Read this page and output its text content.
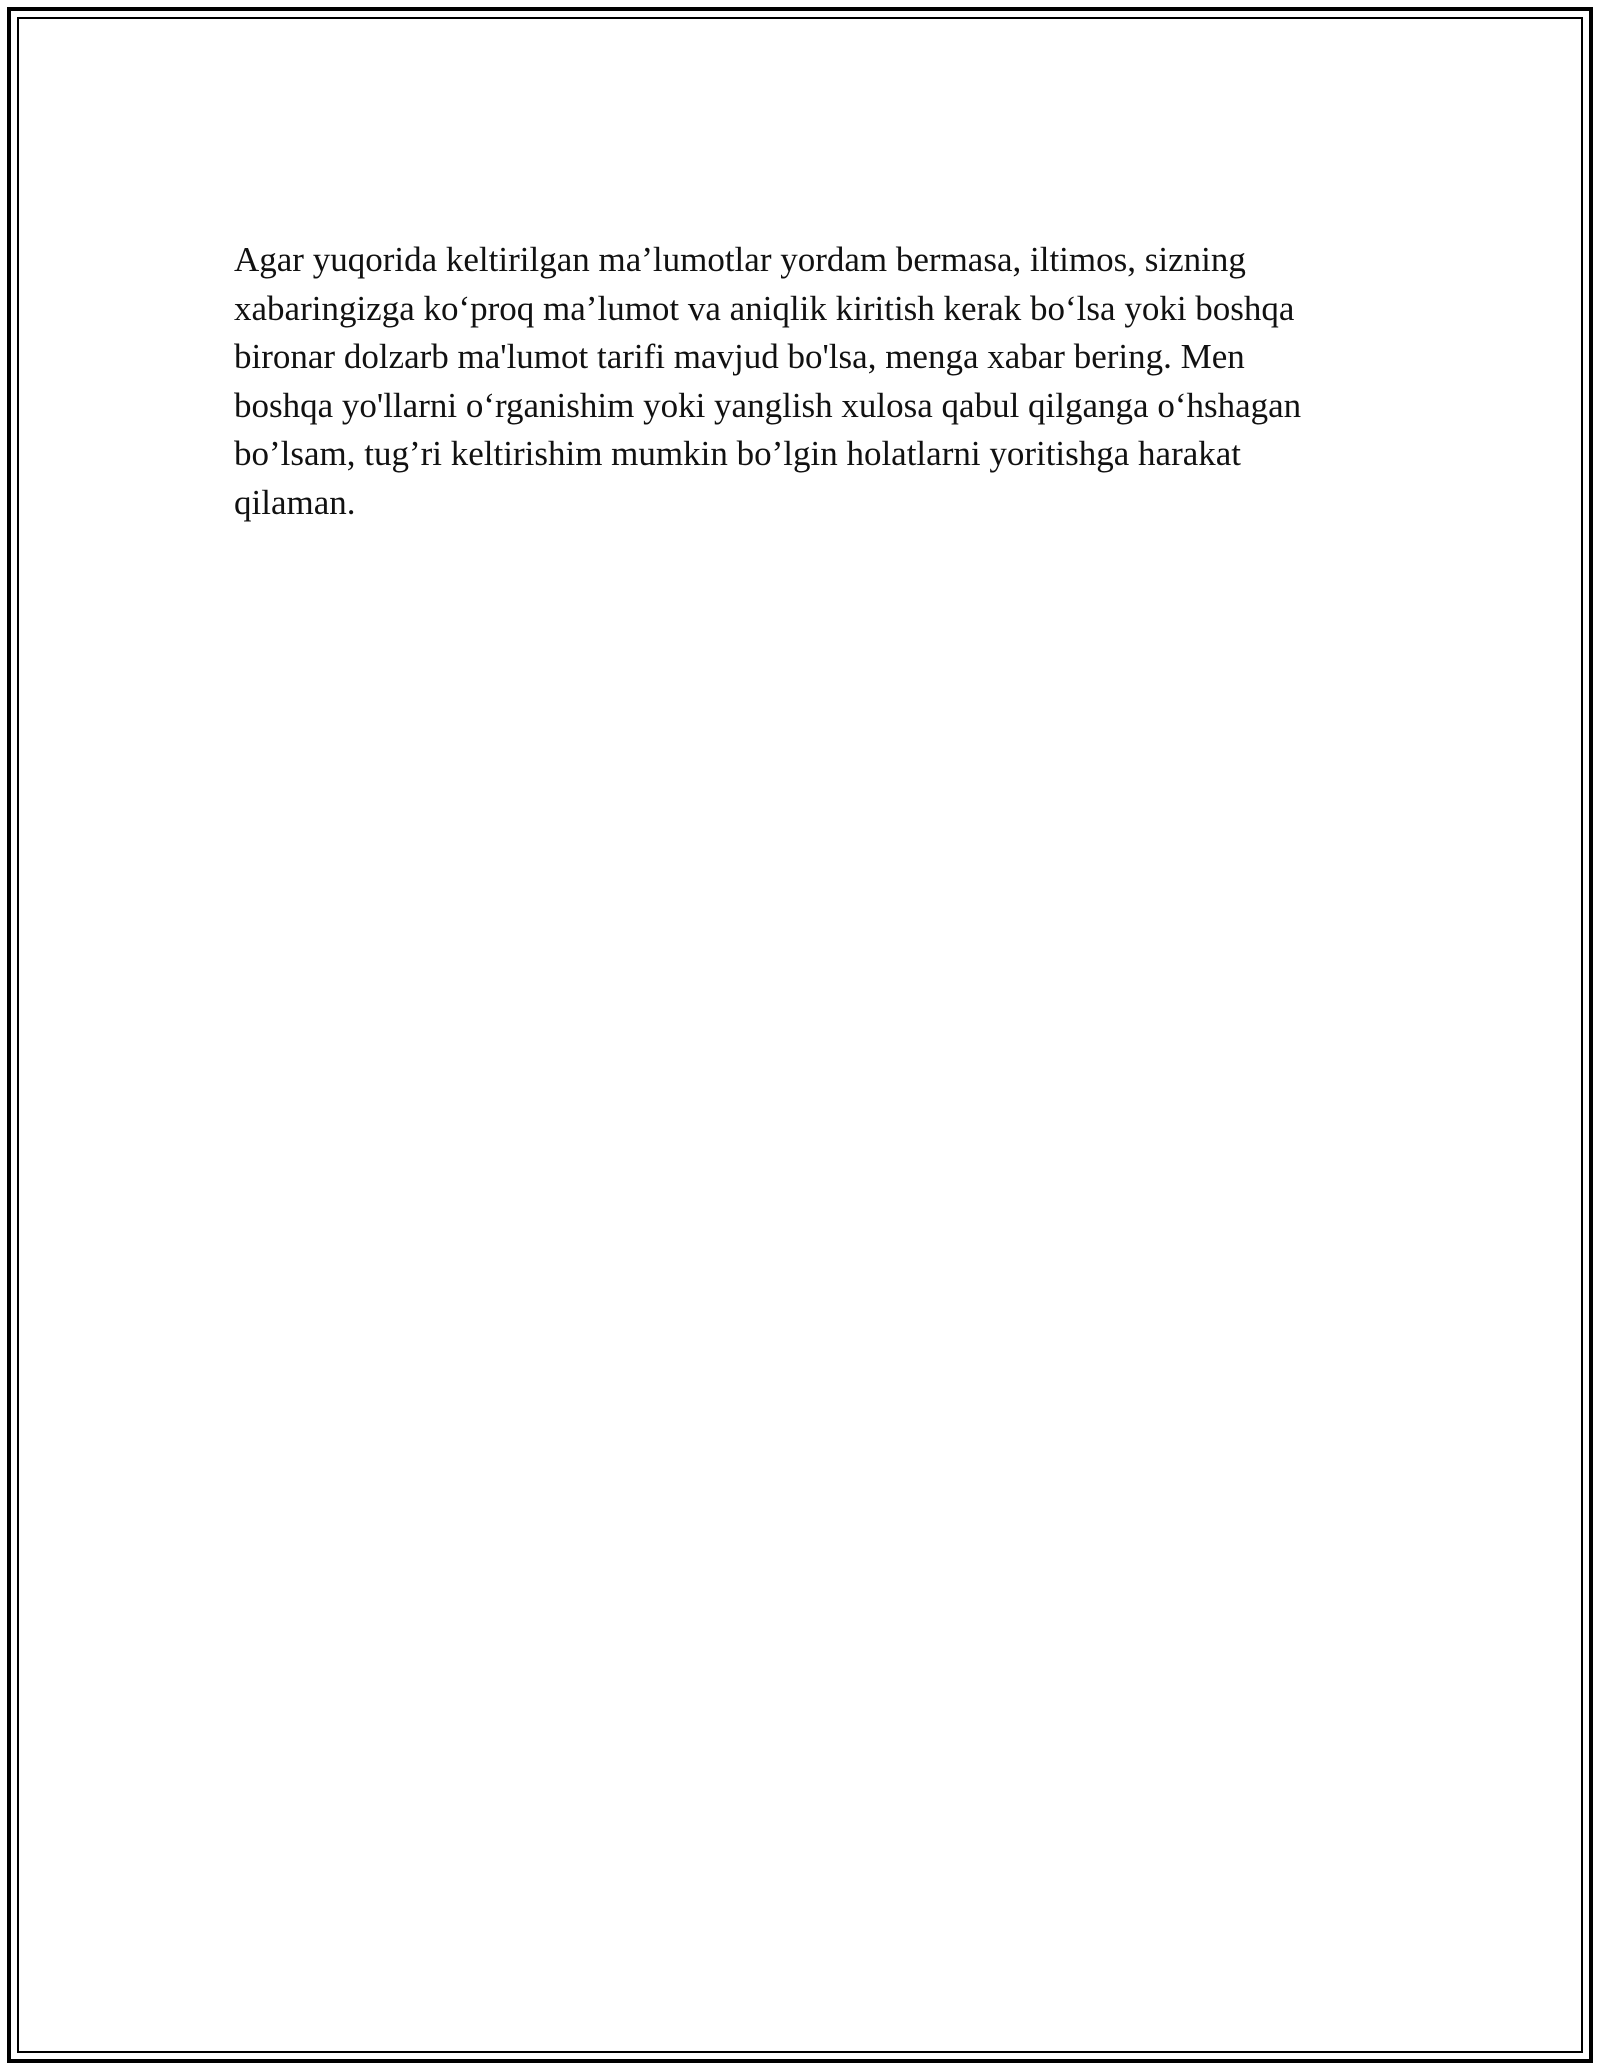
Agar yuqorida keltirilgan ma’lumotlar yordam bermasa, iltimos, sizning
xabaringizga ko‘proq ma’lumot va aniqlik kiritish kerak bo‘lsa yoki boshqa
bironar dolzarb ma'lumot tarifi mavjud bo'lsa, menga xabar bering. Men
boshqa yo'llarni o‘rganishim yoki yanglish xulosa qabul qilganga o‘hshagan
bo’lsam, tug’ri keltirishim mumkin bo’lgin holatlarni yoritishga harakat
qilaman.
